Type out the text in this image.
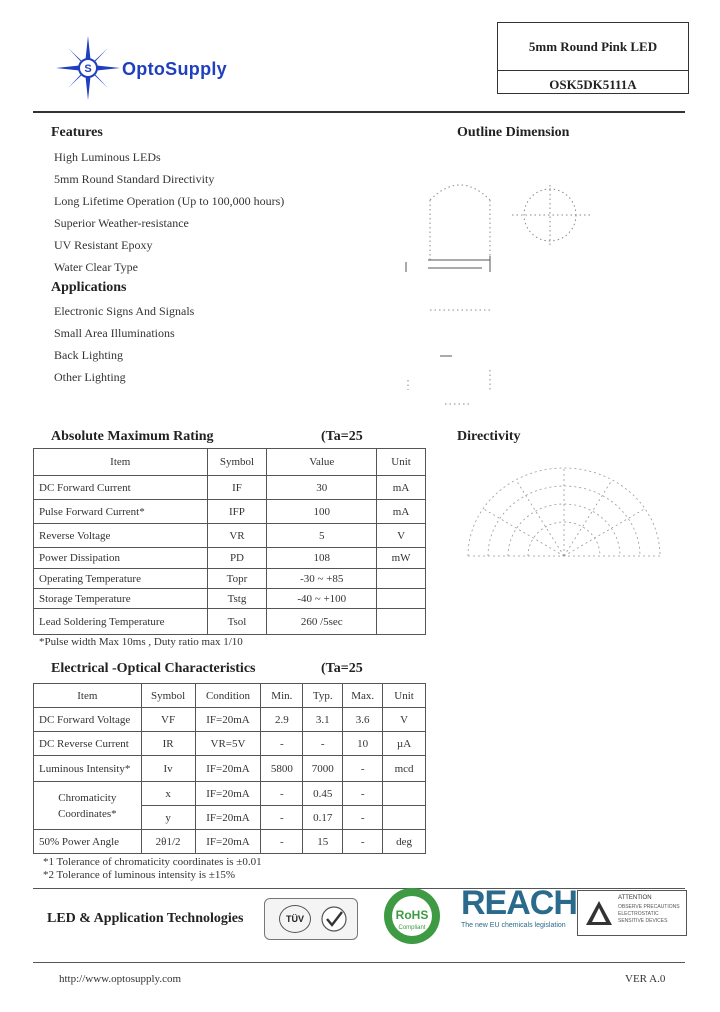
S OptoSupply
5mm Round Pink LED
OSK5DK5111A
Features
High Luminous LEDs
5mm Round Standard Directivity
Long Lifetime Operation (Up to 100,000 hours)
Superior Weather-resistance
UV Resistant Epoxy
Water Clear Type
Applications
Electronic Signs And Signals
Small Area Illuminations
Back Lighting
Other Lighting
Outline Dimension
Directivity
Absolute Maximum Rating	(Ta=25
Item	Symbol	Value	Unit
DC Forward Current	IF	30	mA
Pulse Forward Current*	IFP	100	mA
Reverse Voltage	VR	5	V
Power Dissipation	PD	108	mW
Operating Temperature	Topr	-30 ~ +85	
Storage Temperature	Tstg	-40 ~ +100	
Lead Soldering Temperature	Tsol	260 /5sec	
*Pulse width Max 10ms , Duty ratio max 1/10
Electrical -Optical Characteristics	(Ta=25
Item	Symbol	Condition	Min.	Typ.	Max.	Unit
DC Forward Voltage	VF	IF=20mA	2.9	3.1	3.6	V
DC Reverse Current	IR	VR=5V	-	-	10	µA
Luminous Intensity*	Iv	IF=20mA	5800	7000	-	mcd

Chromaticity
Coordinates*	x	IF=20mA	-	0.45	-	
	y	IF=20mA	-	0.17	-	
50% Power Angle	2θ1/2	IF=20mA	-	15	-	deg
*1 Tolerance of chromaticity coordinates is ±0.01
*2 Tolerance of luminous intensity is ±15%
LED & Application Technologies	TÜV	RoHS
Compliant
REACH
The new EU chemicals legislation
ATTENTION
OBSERVE PRECAUTIONS ELECTROSTATIC SENSITIVE DEVICES
http://www.optosupply.com	VER A.0
